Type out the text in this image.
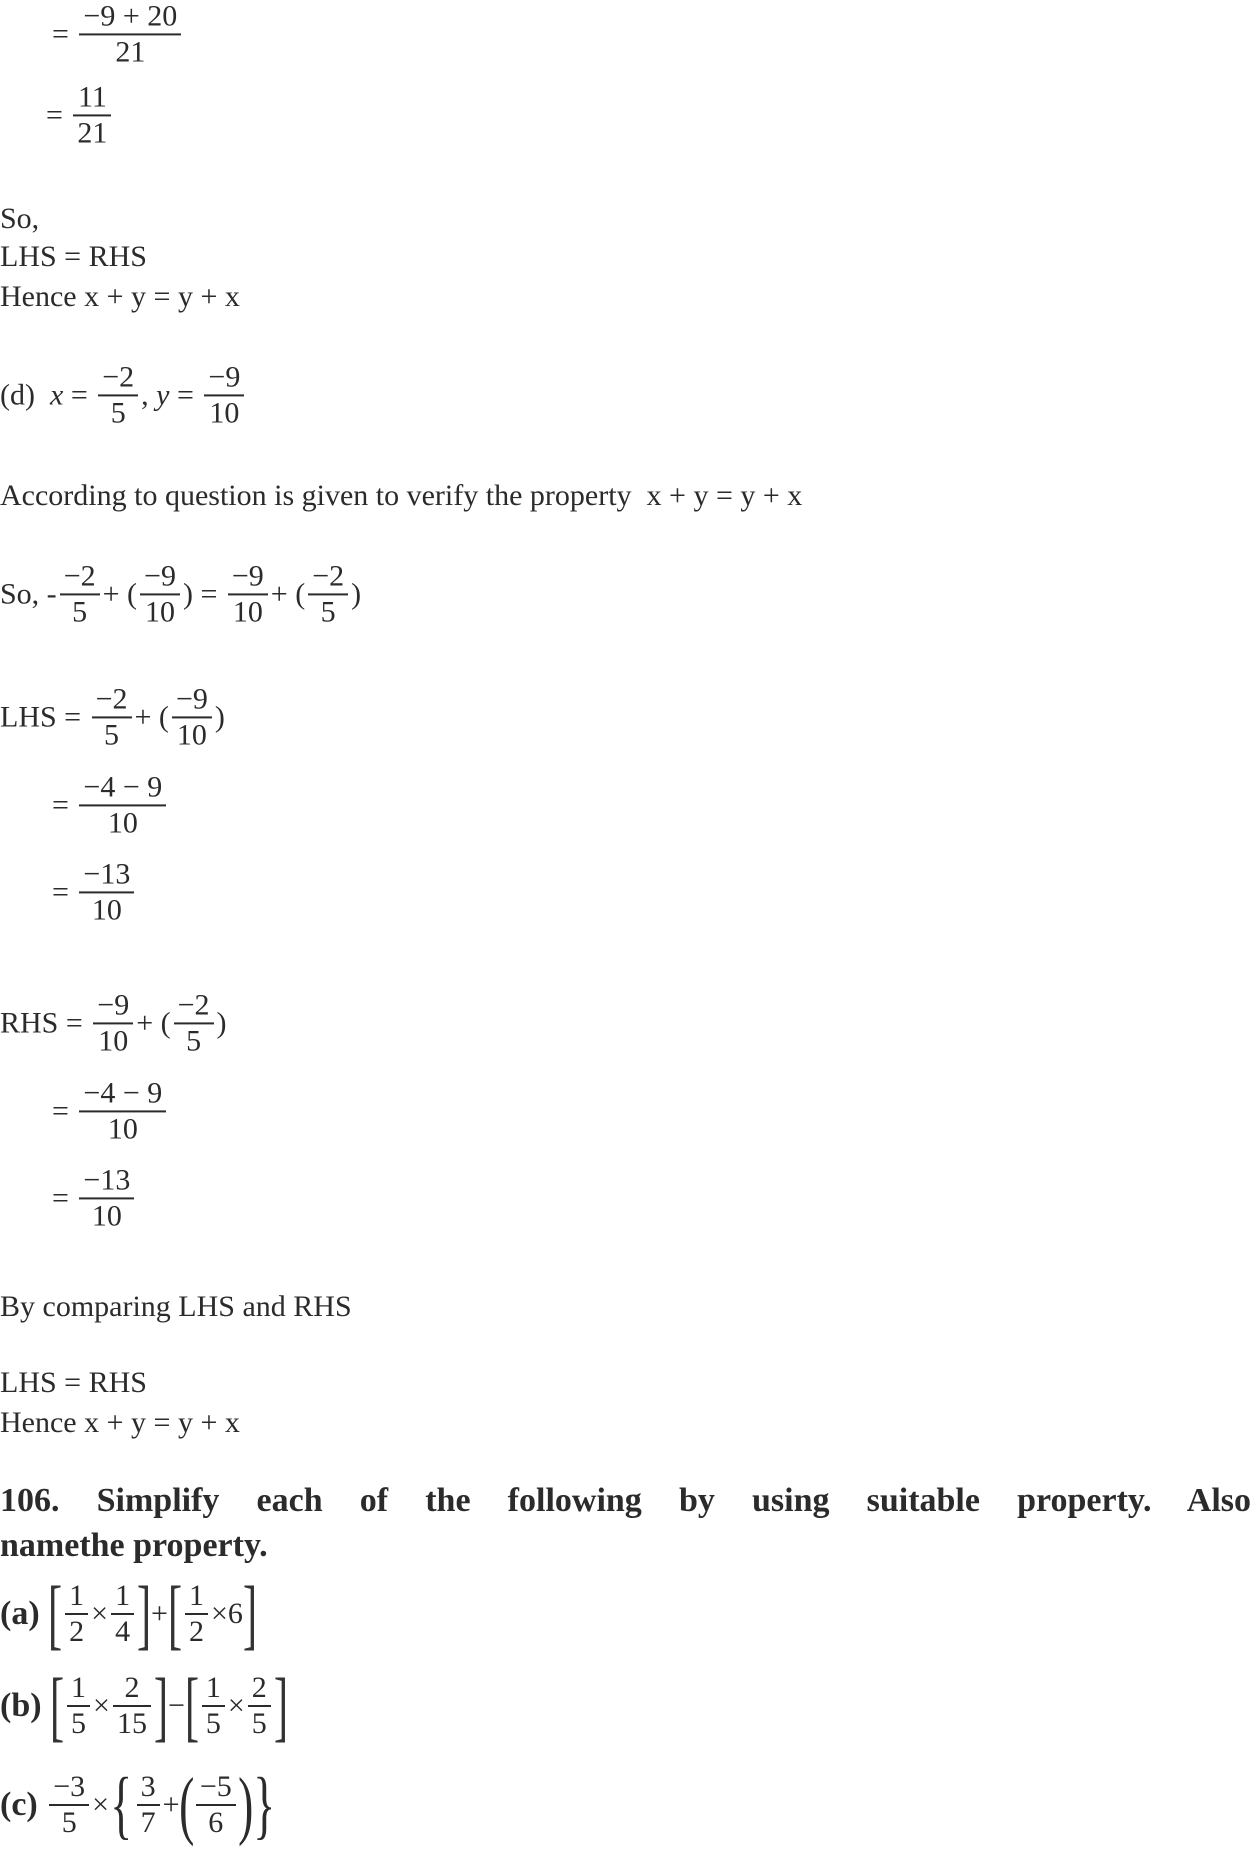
106. Simplify each of the following by using suitable property. Also
namethe property.
= $\frac{-9 + 20}{21}$
= $\frac{11}{21}$
So,
LHS = RHS
Hence x + y = y + x
(d) $x = \frac{-2}{5}$ , $y = \frac{-9}{10}$
According to question is given to verify the property  x + y = y + x
So, - $\frac{-2}{5}$ + ( $\frac{-9}{10}$ ) = $\frac{-9}{10}$ + ( $\frac{-2}{5}$ )
LHS = $\frac{-2}{5}$ + ( $\frac{-9}{10}$ )
= $\frac{-4 - 9}{10}$
= $\frac{-13}{10}$
RHS = $\frac{-9}{10}$ + ( $\frac{-2}{5}$ )
= $\frac{-4 - 9}{10}$
= $\frac{-13}{10}$
By comparing LHS and RHS
LHS = RHS
Hence x + y = y + x
(a) [ $\frac{1}{2} \times \frac{1}{4}$ ] + [ $\frac{1}{2} \times 6$ ]
(b) [ $\frac{1}{5} \times \frac{2}{15}$ ] − [ $\frac{1}{5} \times \frac{2}{5}$ ]
$(c) \frac{-3}{5}$ × { $\frac{3}{7}$ + ( $\frac{-5}{6}$ ) }
